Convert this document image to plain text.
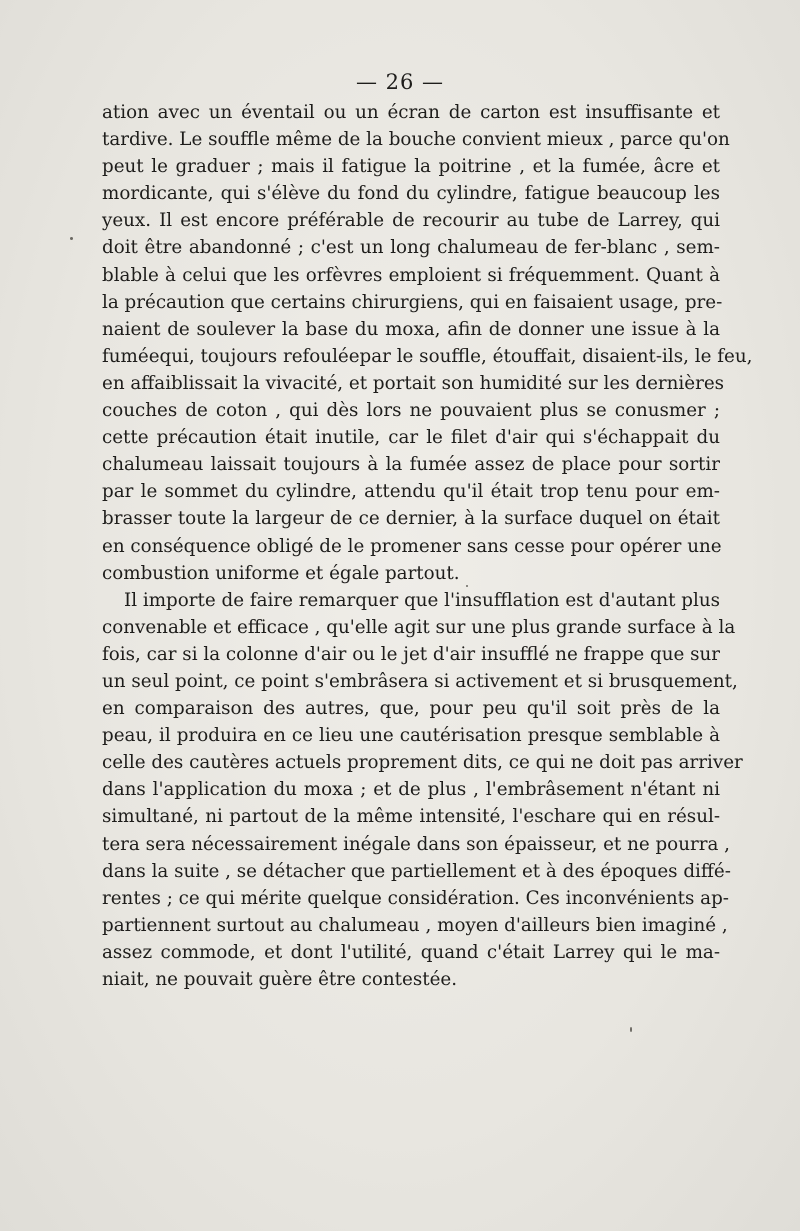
— 26 —
ation avec un éventail ou un écran de carton est insuffisante et
tardive. Le souffle même de la bouche convient mieux , parce qu'on
peut le graduer ; mais il fatigue la poitrine , et la fumée, âcre et
mordicante, qui s'élève du fond du cylindre, fatigue beaucoup les
yeux. Il est encore préférable de recourir au tube de Larrey, qui
doit être abandonné ; c'est un long chalumeau de fer-blanc , sem-
blable à celui que les orfèvres emploient si fréquemment. Quant à
la précaution que certains chirurgiens, qui en faisaient usage, pre-
naient de soulever la base du moxa, afin de donner une issue à la
fuméequi, toujours refouléepar le souffle, étouffait, disaient-ils, le feu,
en affaiblissait la vivacité, et portait son humidité sur les dernières
couches de coton , qui dès lors ne pouvaient plus se conusmer ;
cette précaution était inutile, car le filet d'air qui s'échappait du
chalumeau laissait toujours à la fumée assez de place pour sortir
par le sommet du cylindre, attendu qu'il était trop tenu pour em-
brasser toute la largeur de ce dernier, à la surface duquel on était
en conséquence obligé de le promener sans cesse pour opérer une
combustion uniforme et égale partout.
Il importe de faire remarquer que l'insufflation est d'autant plus
convenable et efficace , qu'elle agit sur une plus grande surface à la
fois, car si la colonne d'air ou le jet d'air insufflé ne frappe que sur
un seul point, ce point s'embrâsera si activement et si brusquement,
en comparaison des autres, que, pour peu qu'il soit près de la
peau, il produira en ce lieu une cautérisation presque semblable à
celle des cautères actuels proprement dits, ce qui ne doit pas arriver
dans l'application du moxa ; et de plus , l'embrâsement n'étant ni
simultané, ni partout de la même intensité, l'eschare qui en résul-
tera sera nécessairement inégale dans son épaisseur, et ne pourra ,
dans la suite , se détacher que partiellement et à des époques diffé-
rentes ; ce qui mérite quelque considération. Ces inconvénients ap-
partiennent surtout au chalumeau , moyen d'ailleurs bien imaginé ,
assez commode, et dont l'utilité, quand c'était Larrey qui le ma-
niait, ne pouvait guère être contestée.
